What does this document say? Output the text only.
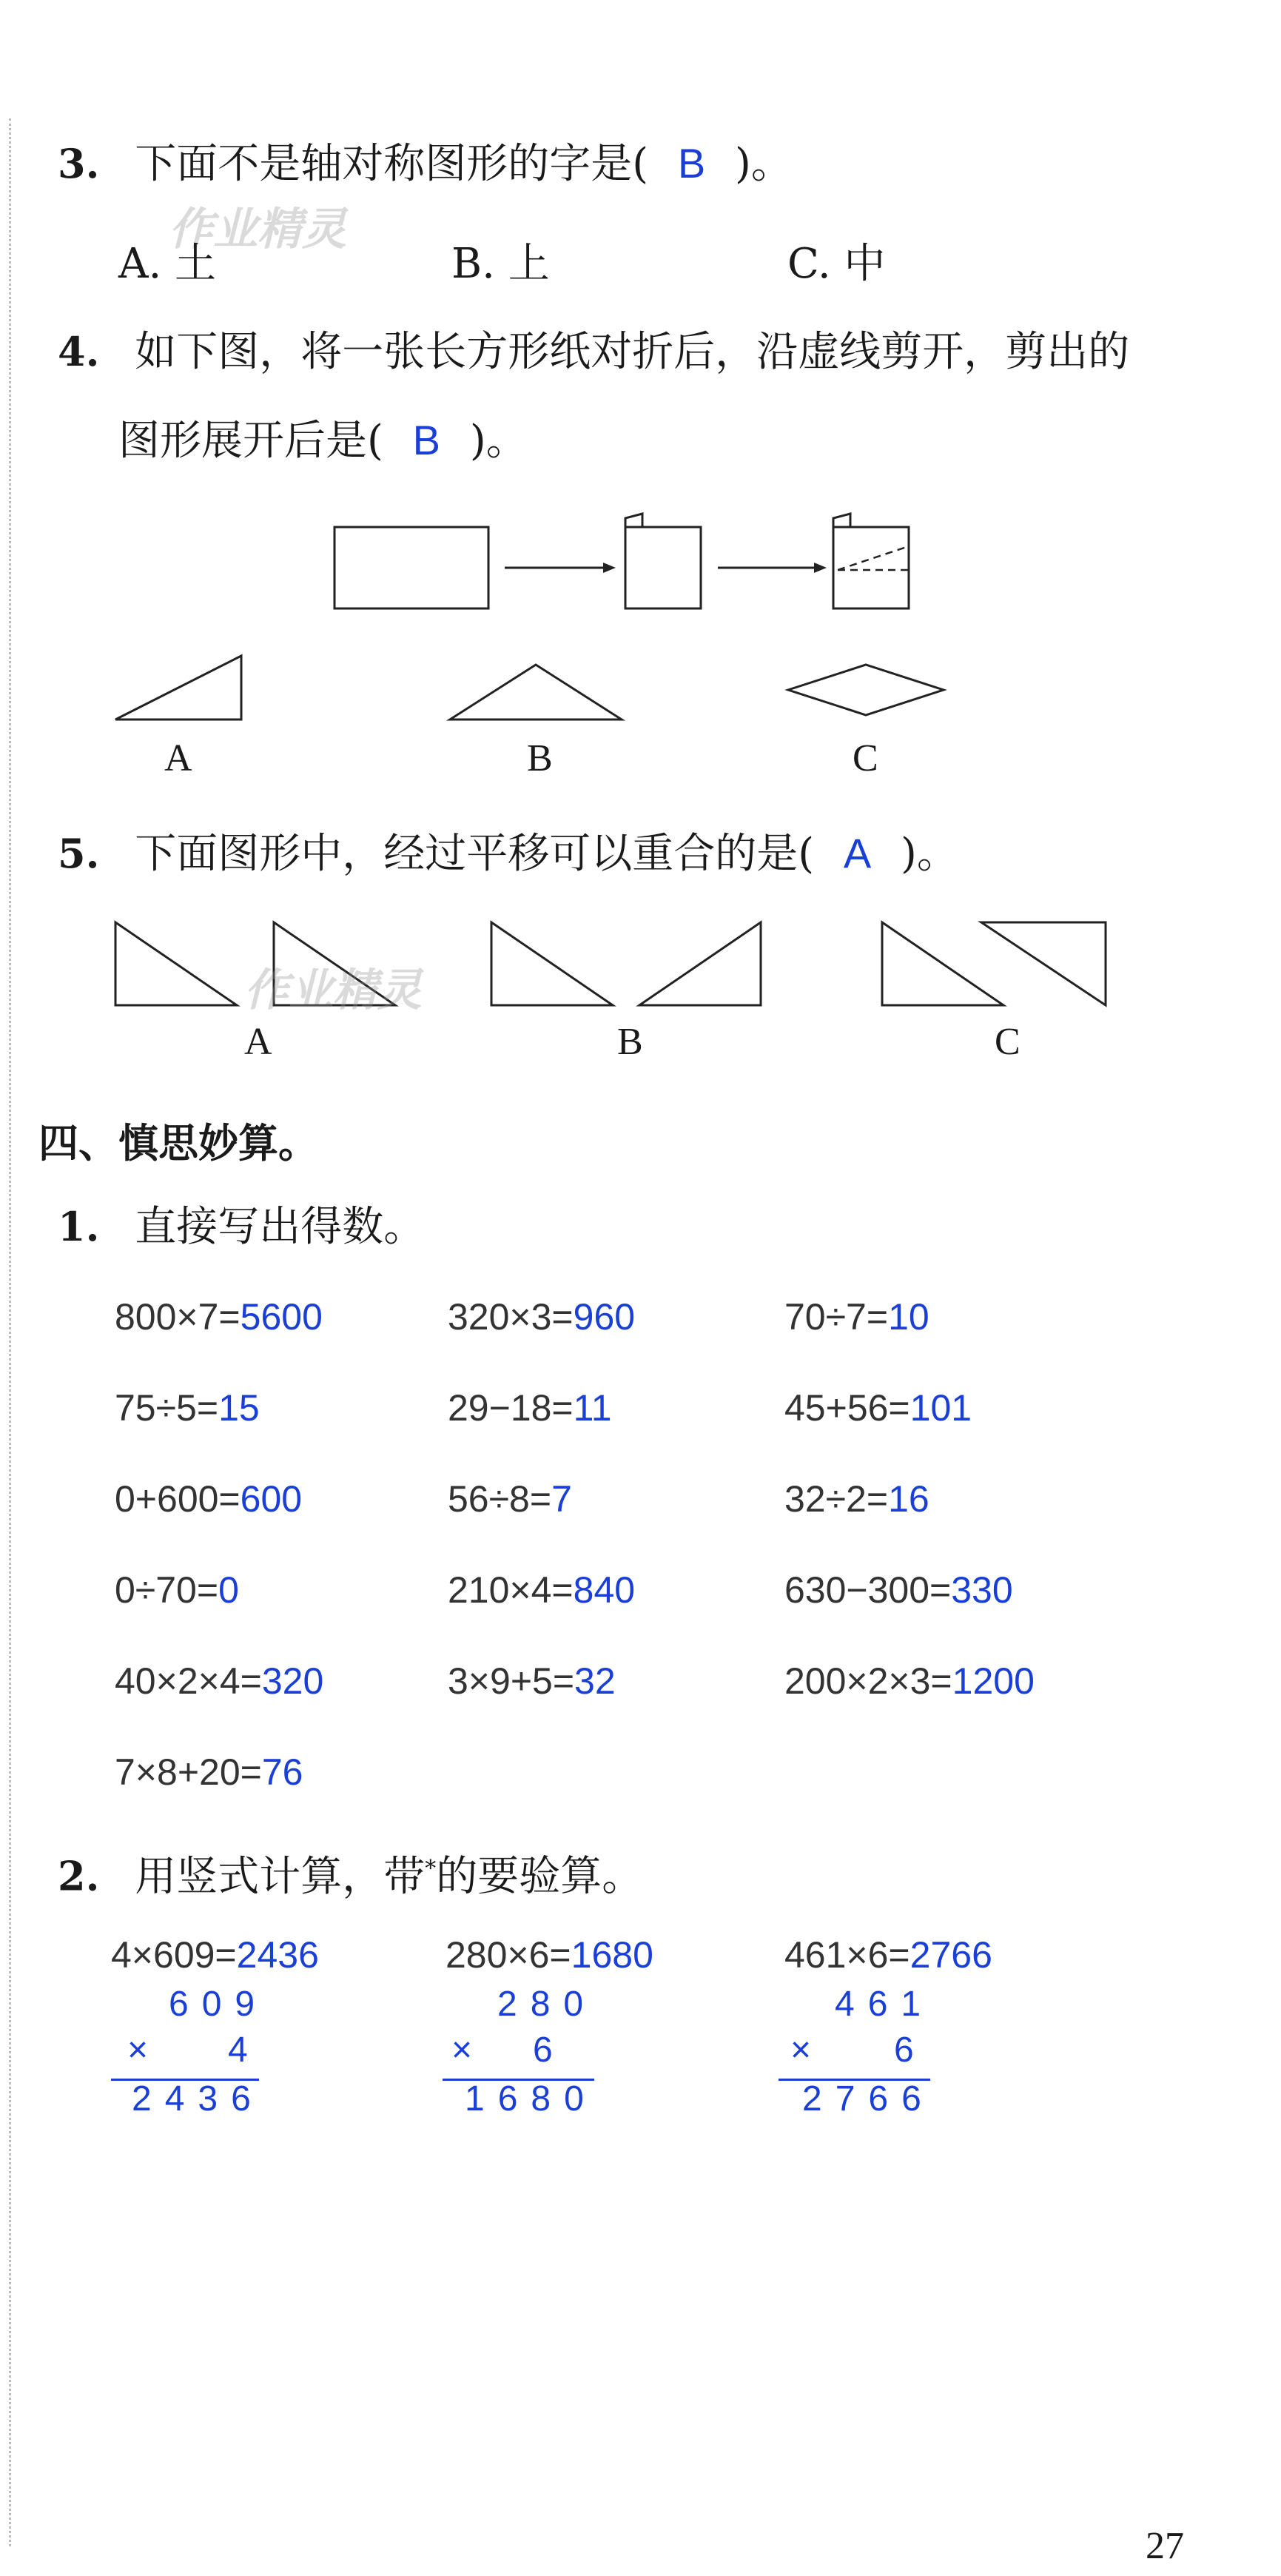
3. 下面不是轴对称图形的字是( B )。
作业精灵
A. 土	B. 上	C. 中
4. 如下图，将一张长方形纸对折后，沿虚线剪开，剪出的
图形展开后是( B )。
A	B	C
5. 下面图形中，经过平移可以重合的是( A )。
作业精灵
A	B	C
四、慎思妙算。
1. 直接写出得数。
800×7=5600	320×3=960	70÷7=10
75÷5=15	29−18=11	45+56=101
0+600=600	56÷8=7	32÷2=16
0÷70=0	210×4=840	630−300=330
40×2×4=320	3×9+5=32	200×2×3=1200
7×8+20=76
2. 用竖式计算，带*的要验算。
4×609=2436
609
× 4
2436
280×6=1680
280
× 6
1680
461×6=2766
461
× 6
2766
27
